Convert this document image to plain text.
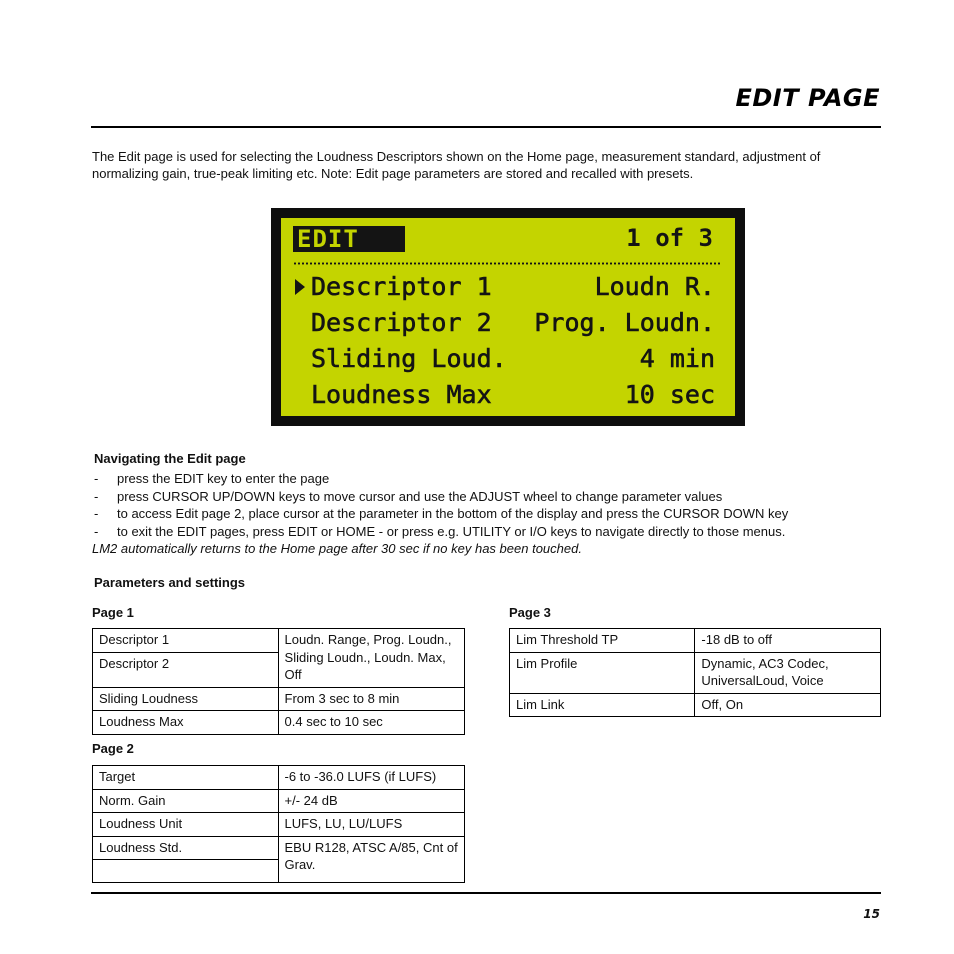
EDIT PAGE

The Edit page is used for selecting the Loudness Descriptors shown on the Home page, measurement standard, adjustment of normalizing gain, true-peak limiting etc. Note: Edit page parameters are stored and recalled with presets.

EDIT	1 of 3
Descriptor 1	Loudn R.
Descriptor 2 Prog. Loudn.
Sliding Loud.	4 min
Loudness Max	10 sec
Navigating the Edit page
- press the EDIT key to enter the page
- press CURSOR UP/DOWN keys to move cursor and use the ADJUST wheel to change parameter values
- to access Edit page 2, place cursor at the parameter in the bottom of the display and press the CURSOR DOWN key
- to exit the EDIT pages, press EDIT or HOME - or press e.g. UTILITY or I/O keys to navigate directly to those menus.
LM2 automatically returns to the Home page after 30 sec if no key has been touched.
Parameters and settings
Page 1
Descriptor 1	Loudn. Range, Prog. Loudn., Sliding Loudn., Loudn. Max, Off
Descriptor 2	
Sliding Loudness	From 3 sec to 8 min
Loudness Max	0.4 sec to 10 sec
Page 2
Target	-6 to -36.0 LUFS (if LUFS)
Norm. Gain	+/- 24 dB
Loudness Unit	LUFS, LU, LU/LUFS
Loudness Std.	EBU R128, ATSC A/85, Cnt of Grav.

Page 3
Lim Threshold TP	-18 dB to off
Lim Profile	Dynamic, AC3 Codec, UniversalLoud, Voice
Lim Link	Off, On
15
